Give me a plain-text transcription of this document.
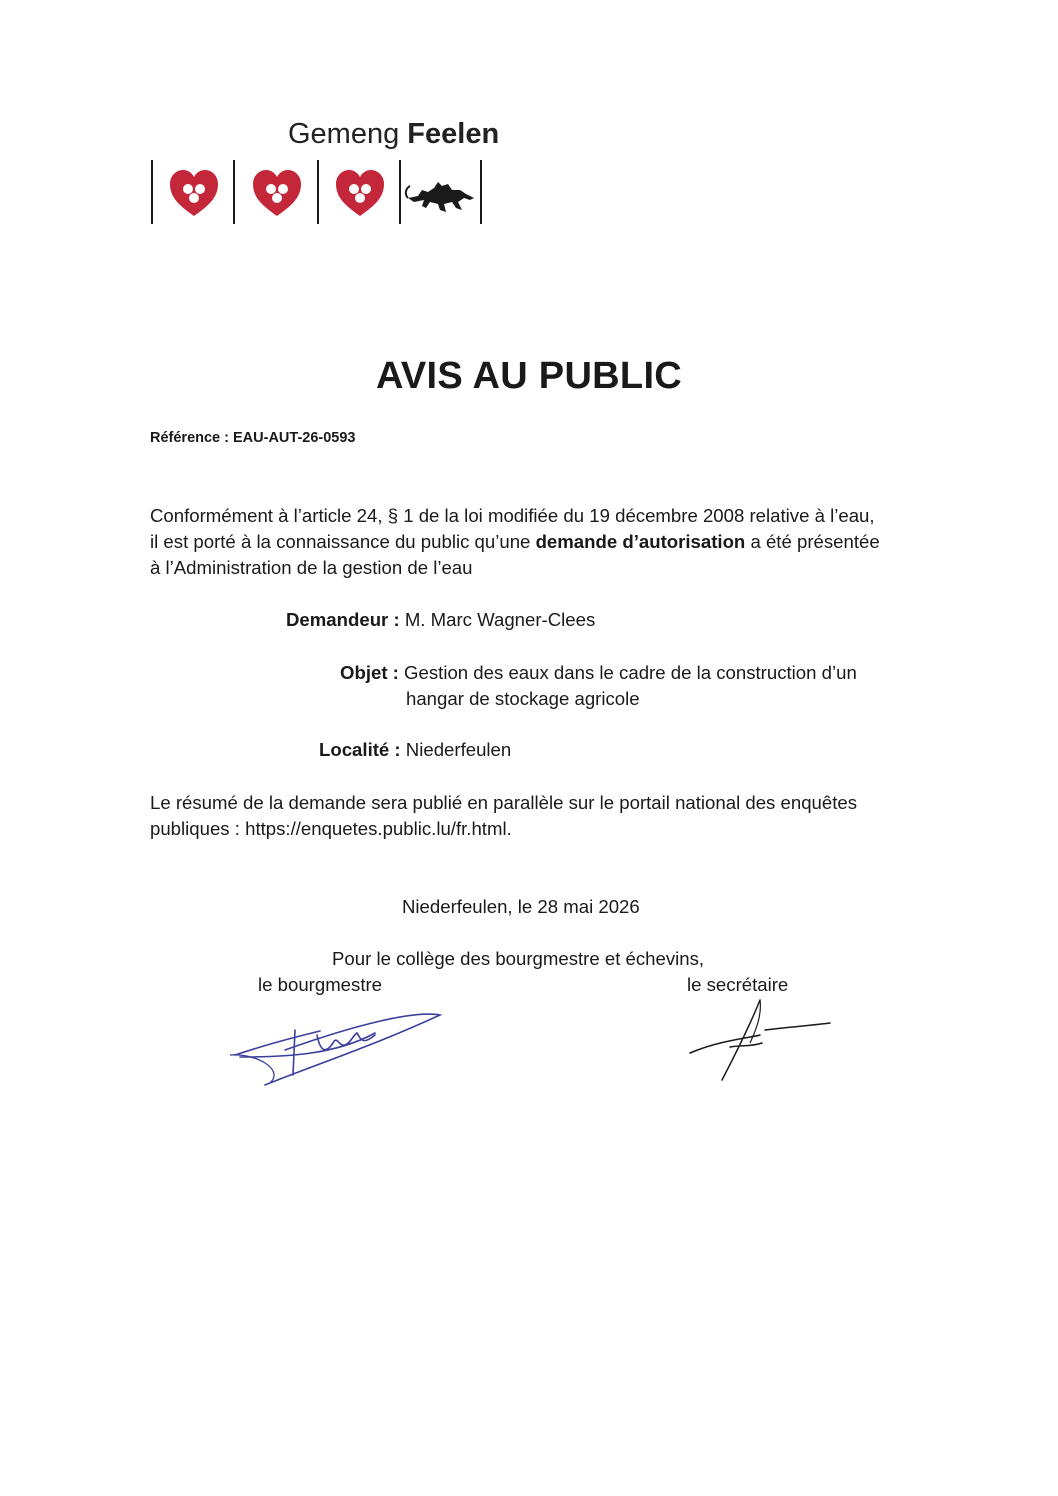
Gemeng Feelen
AVIS AU PUBLIC
Référence : EAU-AUT-26-0593
Conformément à l’article 24, § 1 de la loi modifiée du 19 décembre 2008 relative à l’eau,
il est porté à la connaissance du public qu’une demande d’autorisation a été présentée
à l’Administration de la gestion de l’eau
Demandeur : M. Marc Wagner-Clees
Objet : Gestion des eaux dans le cadre de la construction d’un
hangar de stockage agricole
Localité : Niederfeulen
Le résumé de la demande sera publié en parallèle sur le portail national des enquêtes
publiques : https://enquetes.public.lu/fr.html.
Niederfeulen, le 28 mai 2026
Pour le collège des bourgmestre et échevins,
le bourgmestre	le secrétaire
